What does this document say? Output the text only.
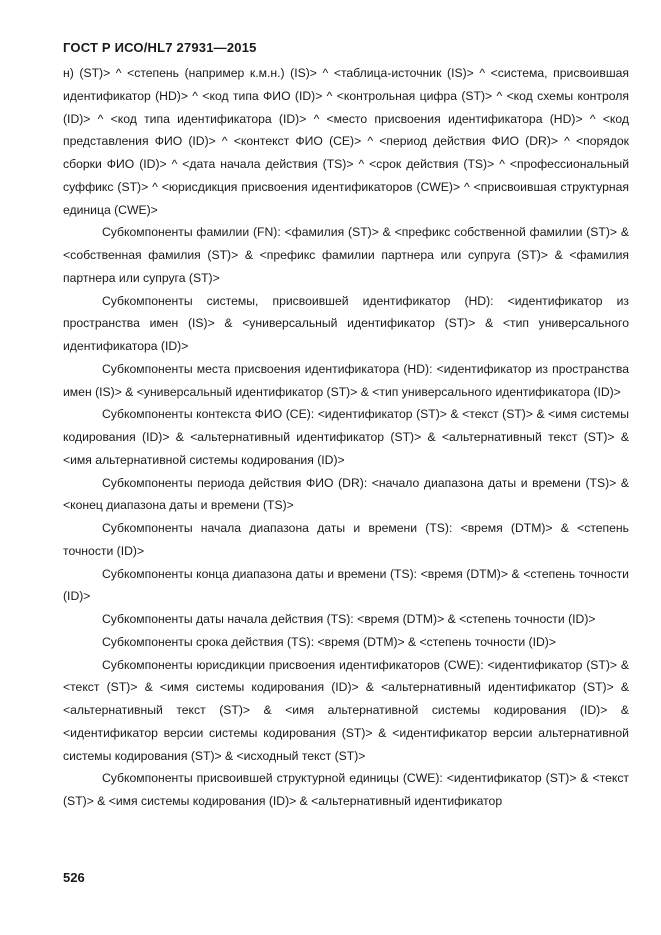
ГОСТ Р ИСО/HL7 27931—2015

н) (ST)> ^ <степень (например к.м.н.) (IS)> ^ <таблица-источник (IS)> ^ <система, присвоившая идентификатор (HD)> ^ <код типа ФИО (ID)> ^ <контрольная цифра (ST)> ^ <код схемы контроля (ID)> ^ <код типа идентификатора (ID)> ^ <место присвоения идентификатора (HD)> ^ <код представления ФИО (ID)> ^ <контекст ФИО (CE)> ^ <период действия ФИО (DR)> ^ <порядок сборки ФИО (ID)> ^ <дата начала действия (TS)> ^ <срок действия (TS)> ^ <профессиональный суффикс (ST)> ^ <юрисдикция присвоения идентификаторов (CWE)> ^ <присвоившая структурная единица (CWE)>

Субкомпоненты фамилии (FN): <фамилия (ST)> & <префикс собственной фамилии (ST)> & <собственная фамилия (ST)> & <префикс фамилии партнера или супруга (ST)> & <фамилия партнера или супруга (ST)>

Субкомпоненты системы, присвоившей идентификатор (HD): <идентификатор из пространства имен (IS)> & <универсальный идентификатор (ST)> & <тип универсального идентификатора (ID)>

Субкомпоненты места присвоения идентификатора (HD): <идентификатор из пространства имен (IS)> & <универсальный идентификатор (ST)> & <тип универсального идентификатора (ID)>

Субкомпоненты контекста ФИО (CE): <идентификатор (ST)> & <текст (ST)> & <имя системы кодирования (ID)> & <альтернативный идентификатор (ST)> & <альтернативный текст (ST)> & <имя альтернативной системы кодирования (ID)>

Субкомпоненты периода действия ФИО (DR): <начало диапазона даты и времени (TS)> & <конец диапазона даты и времени (TS)>

Субкомпоненты начала диапазона даты и времени (TS): <время (DTM)> & <степень точности (ID)>

Субкомпоненты конца диапазона даты и времени (TS): <время (DTM)> & <степень точности (ID)>

Субкомпоненты даты начала действия (TS): <время (DTM)> & <степень точности (ID)>

Субкомпоненты срока действия (TS): <время (DTM)> & <степень точности (ID)>

Субкомпоненты юрисдикции присвоения идентификаторов (CWE): <идентификатор (ST)> & <текст (ST)> & <имя системы кодирования (ID)> & <альтернативный идентификатор (ST)> & <альтернативный текст (ST)> & <имя альтернативной системы кодирования (ID)> & <идентификатор версии системы кодирования (ST)> & <идентификатор версии альтернативной системы кодирования (ST)> & <исходный текст (ST)>

Субкомпоненты присвоившей структурной единицы (CWE): <идентификатор (ST)> & <текст (ST)> & <имя системы кодирования (ID)> & <альтернативный идентификатор

526
